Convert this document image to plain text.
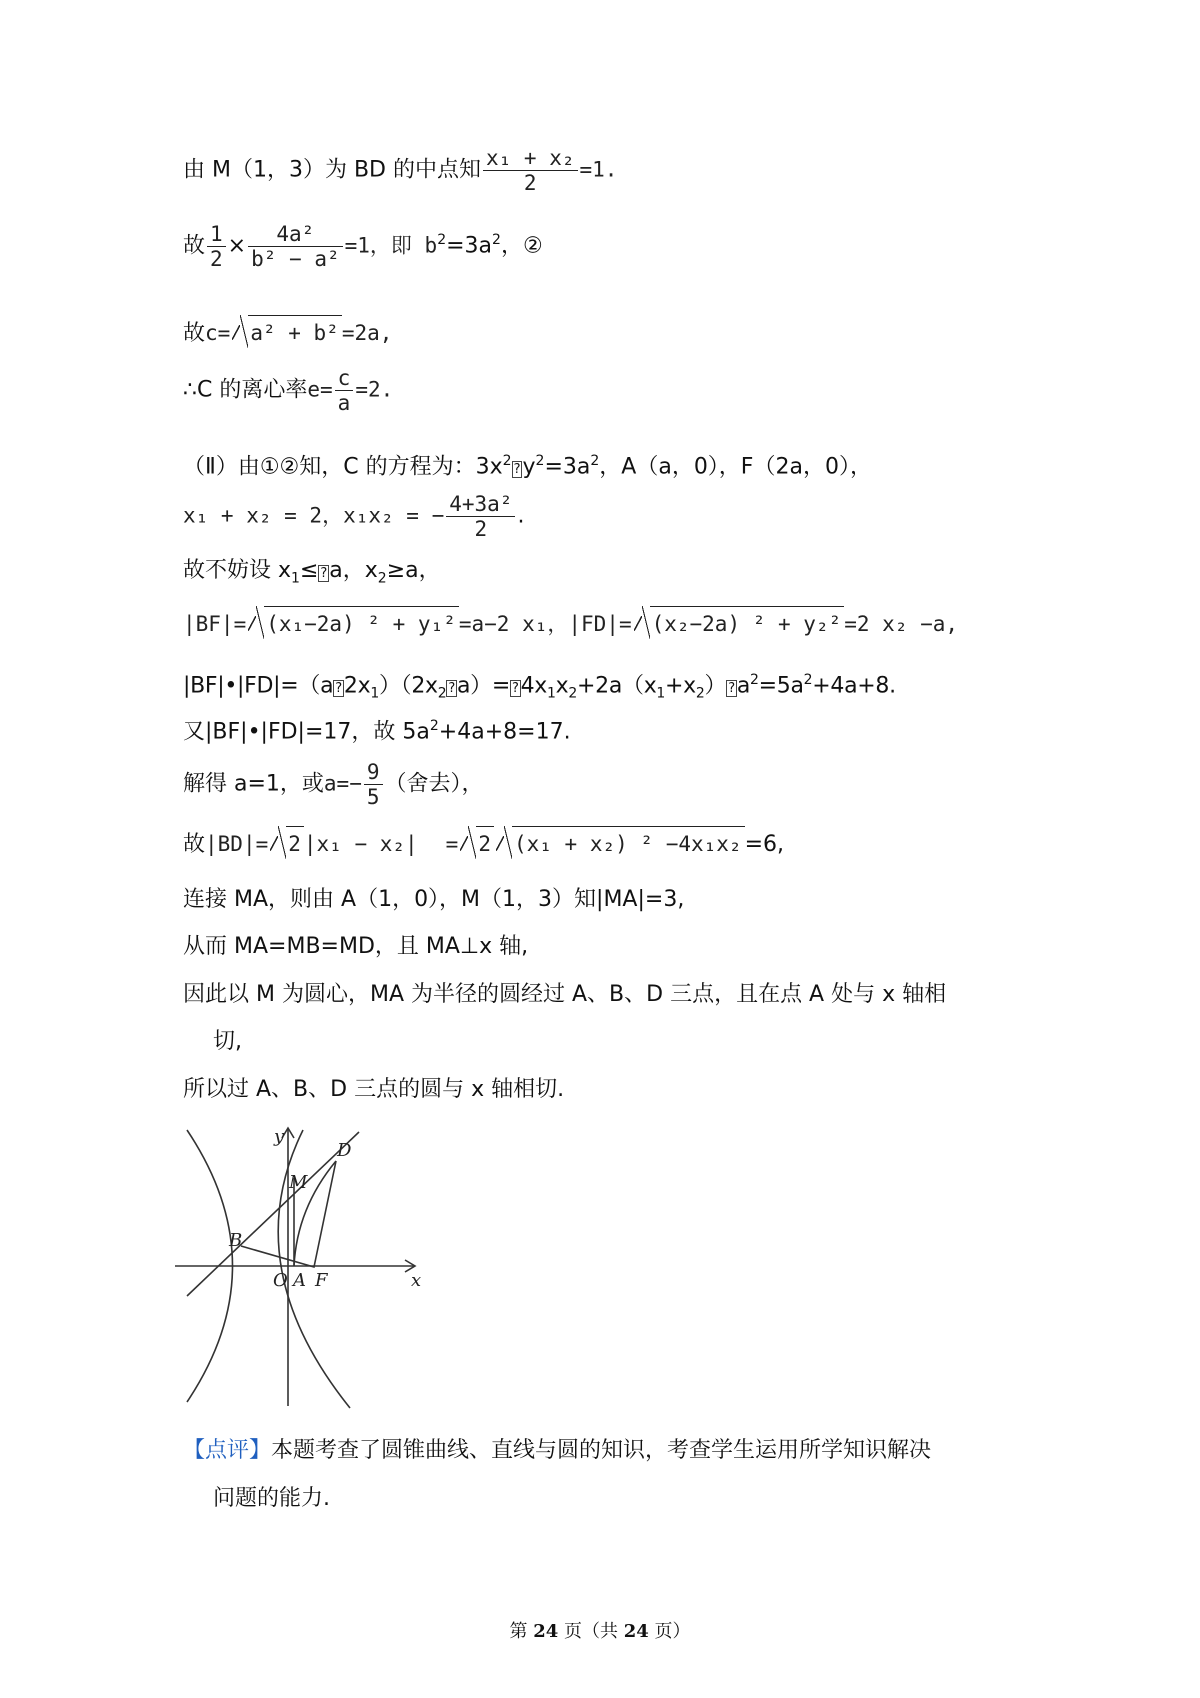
由 M（1，3）为 BD 的中点知 $\frac{\text{x₁ + x₂}}{2} =1$.
故 $\frac{1}{2} \times \frac{\text{4a²}}{\text{b² − a²}} =1$，即 $b^2=3a^2$，②
故c= a² + b² =2a,
∴C 的离心率$e= \frac{c}{a} =2$.
（Ⅱ）由①②知，C 的方程为：$3x^2?y^2=3a^2$，A（a，0），F（2a，0），
x₁ + x₂ = 2，x₁x₂ = − $\frac{\text{4+3a²}}{2}$ .
故不妨设 $x_1\le$ ?a，$x_2\ge a$，
|BF|= (x₁−2a) ² + y₁² =a−2 x₁，|FD|= (x₂−2a) ² + y₂² =2 x₂ −a,
|BF|•|FD|=（a $?2x_1)(2x_2$ ?a）= $?4x_1x_2+2a(x_1+x_2)$ $?a^2=5a^2+4a+8$.
又|BF|•|FD|=17，故 $5a^2+4a+8=17$.
解得 a=1，或$a=- \frac{9}{5}$ （舍去），
故|BD|= 2 |x₁ − x₂| = 2 (x₁ + x₂) ² −4x₁x₂ =6,
连接 MA，则由 A（1，0），M（1，3）知|MA|=3,
从而 MA=MB=MD，且 MA⊥x 轴,
因此以 M 为圆心，MA 为半径的圆经过 A、B、D 三点，且在点 A 处与 x 轴相
切,
所以过 A、B、D 三点的圆与 x 轴相切.
y
x
O A F
B
M
D
【点评】本题考查了圆锥曲线、直线与圆的知识，考查学生运用所学知识解决
问题的能力.
第 24 页（共 24 页）
